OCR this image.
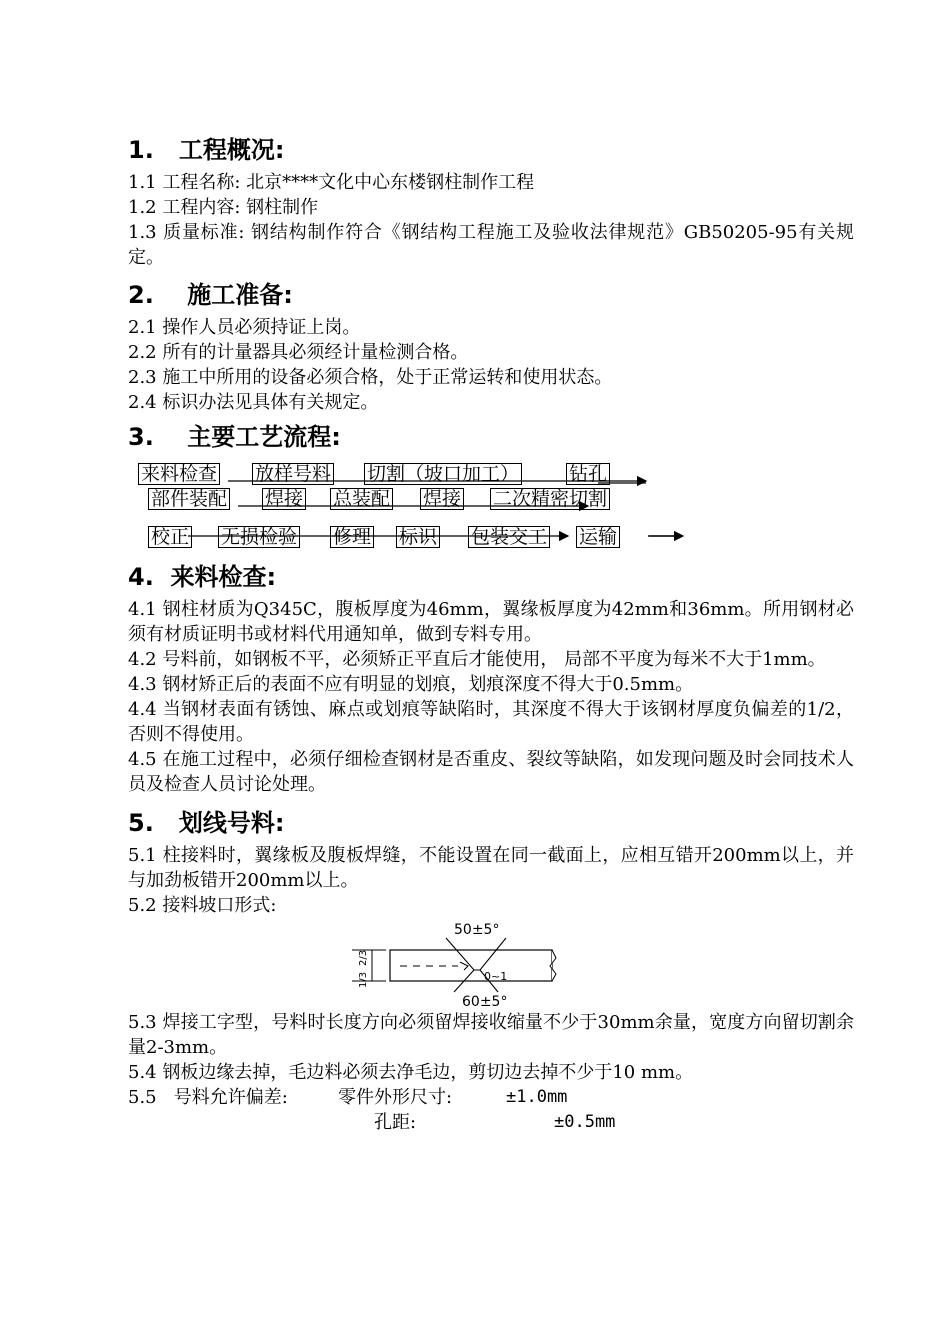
1.   工程概况:

1.1 工程名称: 北京****文化中心东楼钢柱制作工程

1.2 工程内容: 钢柱制作

1.3 质量标准: 钢结构制作符合《钢结构工程施工及验收法律规范》GB50205-95有关规定。

2.    施工准备:

2.1 操作人员必须持证上岗。

2.2 所有的计量器具必须经计量检测合格。

2.3 施工中所用的设备必须合格，处于正常运转和使用状态。

2.4 标识办法见具体有关规定。

3.    主要工艺流程:
来料检查 放样号料 切割（坡口加工）	钻孔
部件装配 焊接 总装配 焊接 二次精密切割
校正 无损检验 修理 标识 包装交工 运输
4.  来料检查:

4.1 钢柱材质为Q345C，腹板厚度为46mm，翼缘板厚度为42mm和36mm。所用钢材必须有材质证明书或材料代用通知单，做到专料专用。

4.2 号料前，如钢板不平，必须矫正平直后才能使用， 局部不平度为每米不大于1mm。

4.3 钢材矫正后的表面不应有明显的划痕，划痕深度不得大于0.5mm。

4.4 当钢材表面有锈蚀、麻点或划痕等缺陷时，其深度不得大于该钢材厚度负偏差的1/2，否则不得使用。

4.5 在施工过程中，必须仔细检查钢材是否重皮、裂纹等缺陷，如发现问题及时会同技术人员及检查人员讨论处理。

5.   划线号料:

5.1 柱接料时，翼缘板及腹板焊缝，不能设置在同一截面上，应相互错开200mm以上，并与加劲板错开200mm以上。

5.2 接料坡口形式:

50±5°
60±5°
0~1
2/3
1/3

5.3 焊接工字型，号料时长度方向必须留焊接收缩量不少于30mm余量，宽度方向留切割余量2-3mm。

5.4 钢板边缘去掉，毛边料必须去净毛边，剪切边去掉不少于10 mm。

5.5   号料允许偏差:

	零件外形尺寸:

	±1.0mm

孔距:

	±0.5mm
